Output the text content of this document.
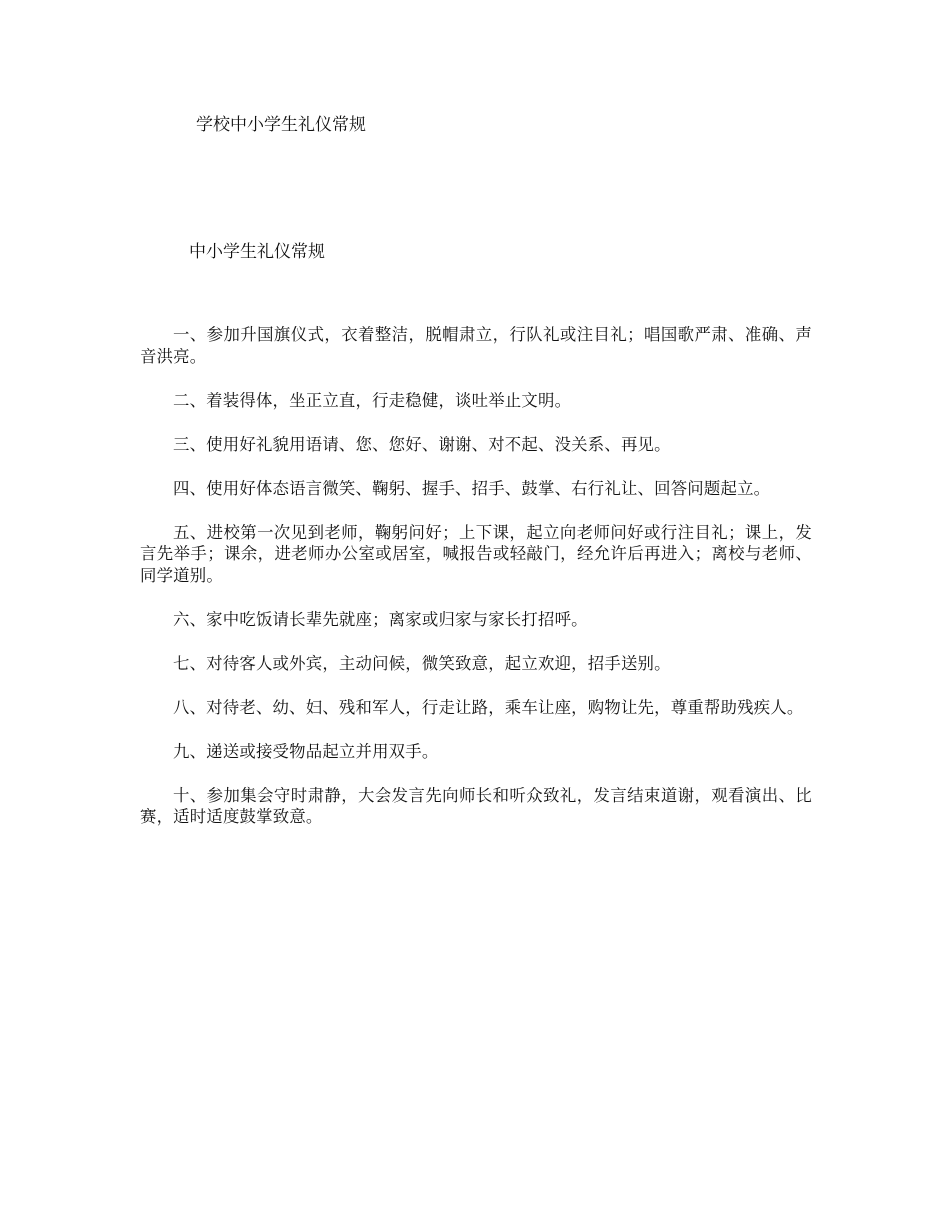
学校中小学生礼仪常规
中小学生礼仪常规
一、参加升国旗仪式，衣着整洁，脱帽肃立，行队礼或注目礼；唱国歌严肃、准确、声音洪亮。
二、着装得体，坐正立直，行走稳健，谈吐举止文明。
三、使用好礼貌用语请、您、您好、谢谢、对不起、没关系、再见。
四、使用好体态语言微笑、鞠躬、握手、招手、鼓掌、右行礼让、回答问题起立。
五、进校第一次见到老师，鞠躬问好；上下课，起立向老师问好或行注目礼；课上，发言先举手；课余，进老师办公室或居室，喊报告或轻敲门，经允许后再进入；离校与老师、同学道别。
六、家中吃饭请长辈先就座；离家或归家与家长打招呼。
七、对待客人或外宾，主动问候，微笑致意，起立欢迎，招手送别。
八、对待老、幼、妇、残和军人，行走让路，乘车让座，购物让先，尊重帮助残疾人。
九、递送或接受物品起立并用双手。
十、参加集会守时肃静，大会发言先向师长和听众致礼，发言结束道谢，观看演出、比赛，适时适度鼓掌致意。
